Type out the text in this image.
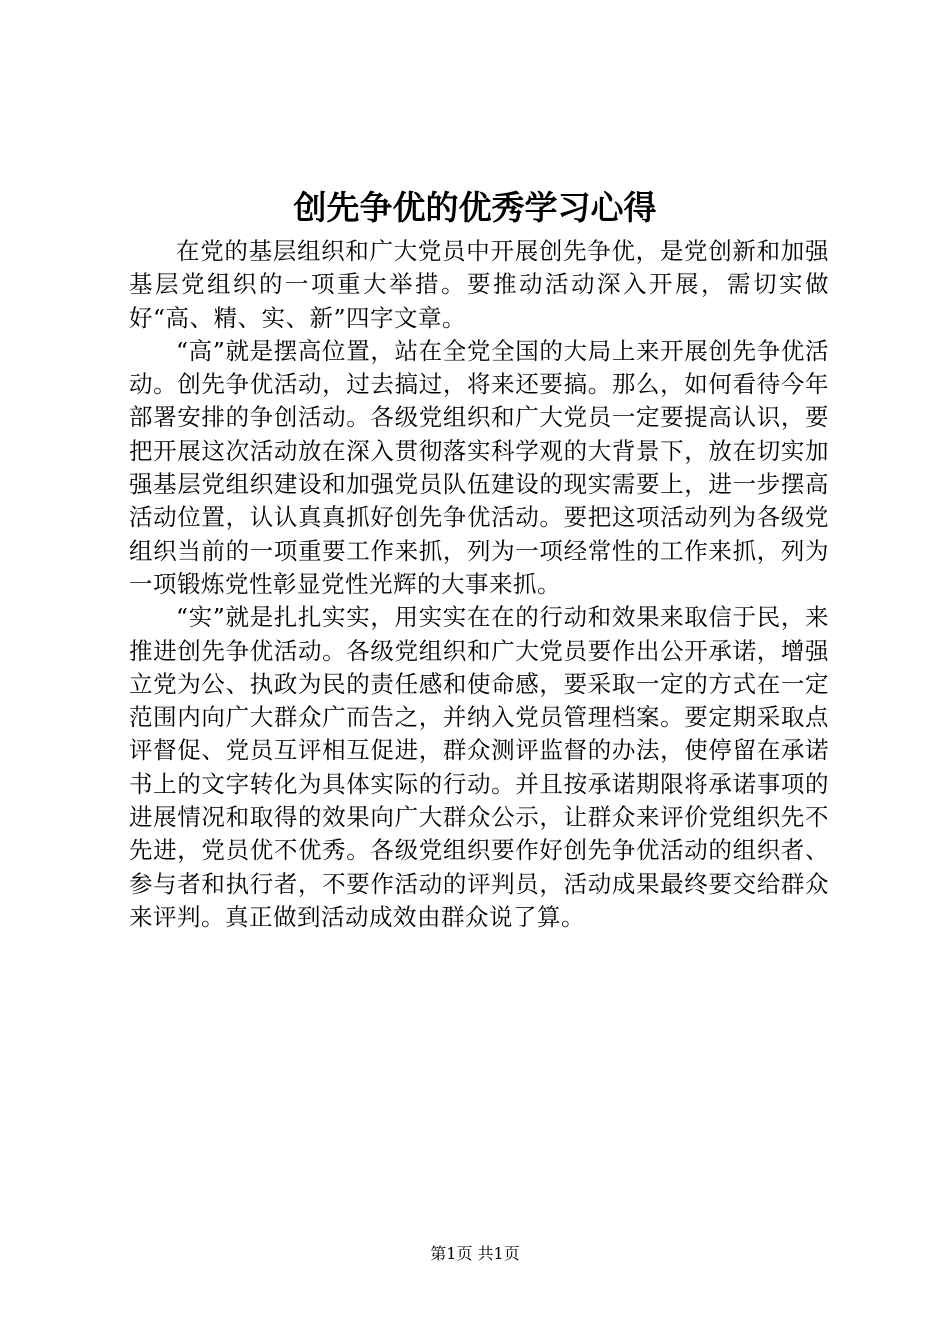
创先争优的优秀学习心得

在党的基层组织和广大党员中开展创先争优，是党创新和加强基层党组织的一项重大举措。要推动活动深入开展，需切实做好“高、精、实、新”四字文章。

“高”就是摆高位置，站在全党全国的大局上来开展创先争优活动。创先争优活动，过去搞过，将来还要搞。那么，如何看待今年部署安排的争创活动。各级党组织和广大党员一定要提高认识，要把开展这次活动放在深入贯彻落实科学观的大背景下，放在切实加强基层党组织建设和加强党员队伍建设的现实需要上，进一步摆高活动位置，认认真真抓好创先争优活动。要把这项活动列为各级党组织当前的一项重要工作来抓，列为一项经常性的工作来抓，列为一项锻炼党性彰显党性光辉的大事来抓。

“实”就是扎扎实实，用实实在在的行动和效果来取信于民，来推进创先争优活动。各级党组织和广大党员要作出公开承诺，增强立党为公、执政为民的责任感和使命感，要采取一定的方式在一定范围内向广大群众广而告之，并纳入党员管理档案。要定期采取点评督促、党员互评相互促进，群众测评监督的办法，使停留在承诺书上的文字转化为具体实际的行动。并且按承诺期限将承诺事项的进展情况和取得的效果向广大群众公示，让群众来评价党组织先不先进，党员优不优秀。各级党组织要作好创先争优活动的组织者、参与者和执行者，不要作活动的评判员，活动成果最终要交给群众来评判。真正做到活动成效由群众说了算。

第1页 共1页
